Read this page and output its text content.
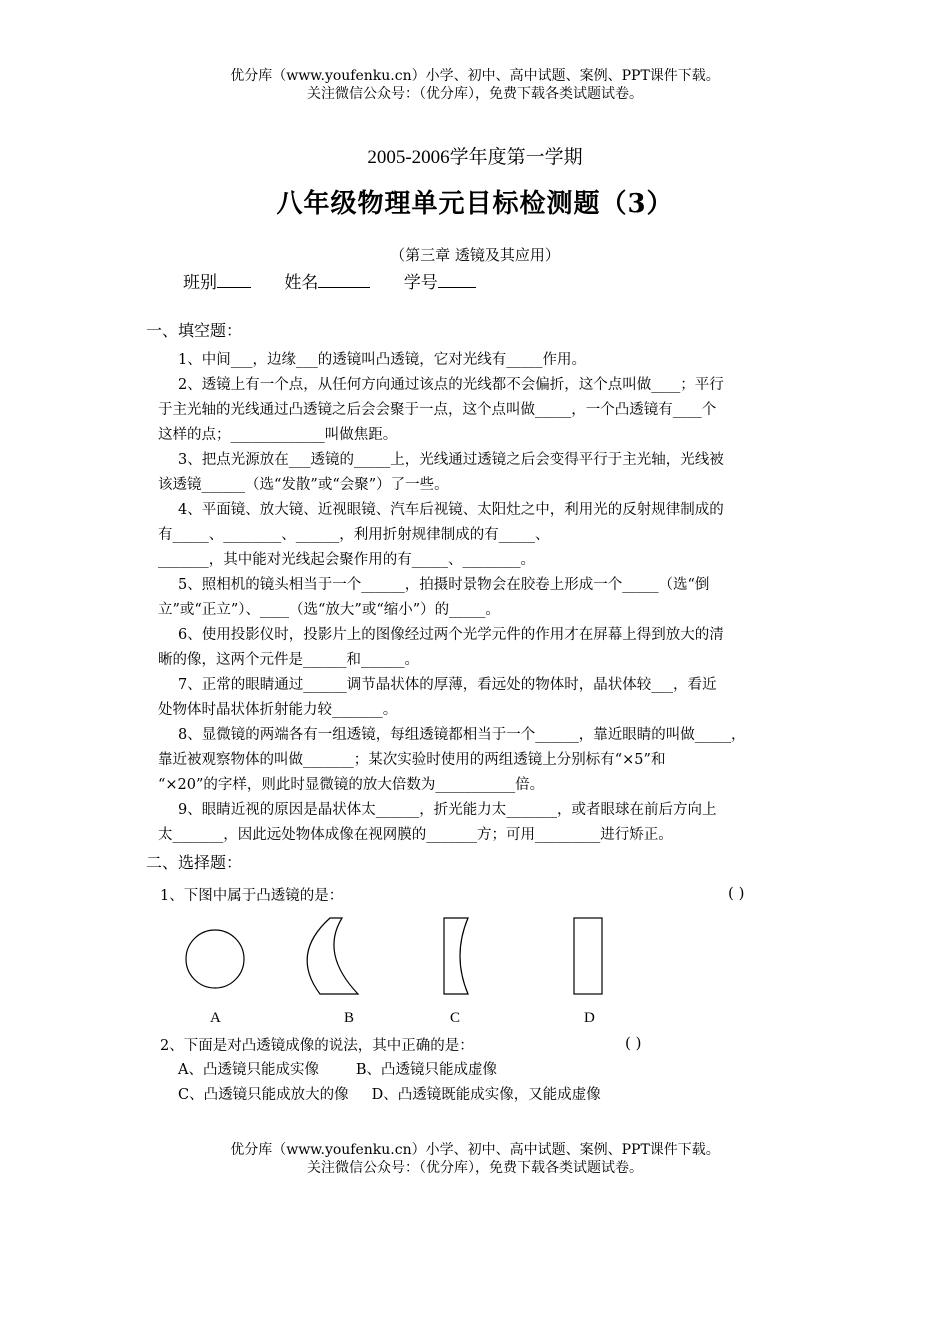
优分库（www.youfenku.cn）小学、初中、高中试题、案例、PPT课件下载。
关注微信公众号：（优分库），免费下载各类试题试卷。
2005-2006学年度第一学期
八年级物理单元目标检测题（3）
（第三章 透镜及其应用）
班别	姓名	学号
一、填空题：

1、中间___，边缘___的透镜叫凸透镜，它对光线有_____作用。

2、透镜上有一个点，从任何方向通过该点的光线都不会偏折，这个点叫做____；平行

于主光轴的光线通过凸透镜之后会会聚于一点，这个点叫做_____，一个凸透镜有____个

这样的点；_____________叫做焦距。

3、把点光源放在___透镜的_____上，光线通过透镜之后会变得平行于主光轴，光线被

该透镜______（选“发散”或“会聚”）了一些。

4、平面镜、放大镜、近视眼镜、汽车后视镜、太阳灶之中，利用光的反射规律制成的

有_____、________、______，利用折射规律制成的有_____、

_______，其中能对光线起会聚作用的有_____、________。

5、照相机的镜头相当于一个______，拍摄时景物会在胶卷上形成一个_____（选“倒

立”或“正立”）、____（选“放大”或“缩小”）的_____。

6、使用投影仪时，投影片上的图像经过两个光学元件的作用才在屏幕上得到放大的清

晰的像，这两个元件是______和______。

7、正常的眼睛通过______调节晶状体的厚薄，看远处的物体时，晶状体较___，看近

处物体时晶状体折射能力较_______。

8、显微镜的两端各有一组透镜，每组透镜都相当于一个______，靠近眼睛的叫做_____，

靠近被观察物体的叫做_______；某次实验时使用的两组透镜上分别标有“×5”和

“×20”的字样，则此时显微镜的放大倍数为___________倍。

9、眼睛近视的原因是晶状体太______，折光能力太_______，或者眼球在前后方向上

太_______，因此远处物体成像在视网膜的_______方；可用_________进行矫正。

二、选择题：
1、下图中属于凸透镜的是：	( )
A	B	C	D
2、下面是对凸透镜成像的说法，其中正确的是：	( )
A、凸透镜只能成实像        B、凸透镜只能成虚像
C、凸透镜只能成放大的像     D、凸透镜既能成实像，又能成虚像
优分库（www.youfenku.cn）小学、初中、高中试题、案例、PPT课件下载。
关注微信公众号：（优分库），免费下载各类试题试卷。
